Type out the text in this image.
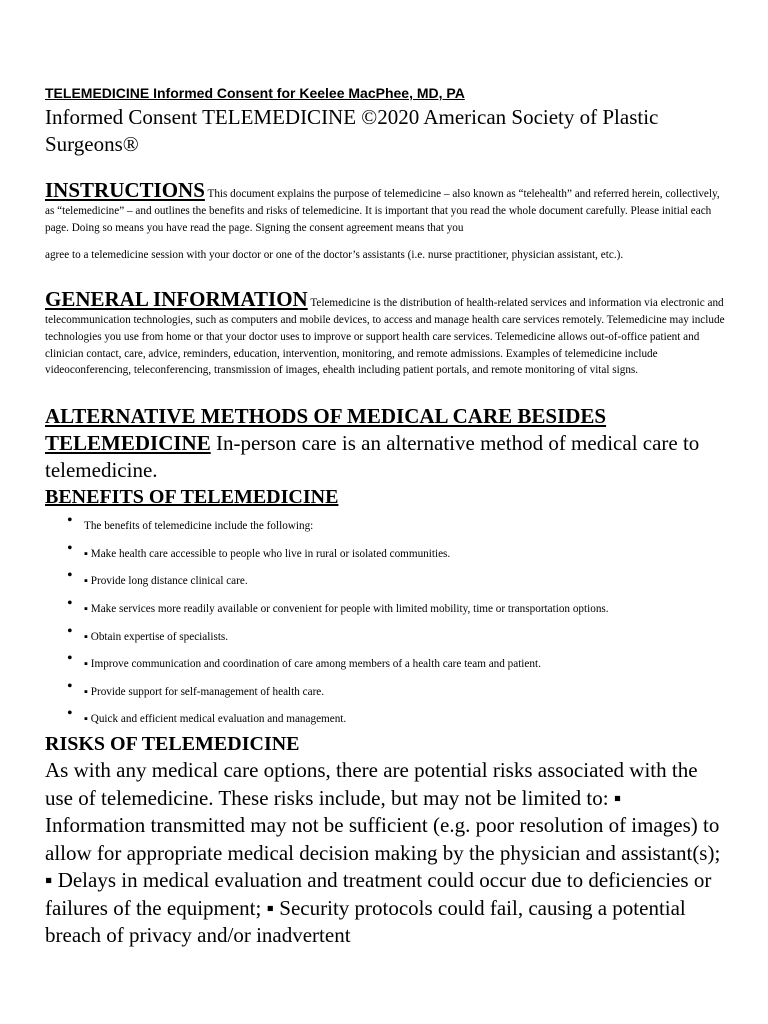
TELEMEDICINE Informed Consent for Keelee MacPhee, MD, PA

Informed Consent TELEMEDICINE ©2020 American Society of Plastic Surgeons®

INSTRUCTIONS This document explains the purpose of telemedicine – also known as “telehealth” and referred herein, collectively, as “telemedicine” – and outlines the benefits and risks of telemedicine. It is important that you read the whole document carefully. Please initial each page. Doing so means you have read the page. Signing the consent agreement means that you

agree to a telemedicine session with your doctor or one of the doctor’s assistants (i.e. nurse practitioner, physician assistant, etc.).

GENERAL INFORMATION Telemedicine is the distribution of health-related services and information via electronic and telecommunication technologies, such as computers and mobile devices, to access and manage health care services remotely. Telemedicine may include technologies you use from home or that your doctor uses to improve or support health care services. Telemedicine allows out-of-office patient and clinician contact, care, advice, reminders, education, intervention, monitoring, and remote admissions. Examples of telemedicine include videoconferencing, teleconferencing, transmission of images, ehealth including patient portals, and remote monitoring of vital signs.

ALTERNATIVE METHODS OF MEDICAL CARE BESIDES TELEMEDICINE In-person care is an alternative method of medical care to telemedicine.

BENEFITS OF TELEMEDICINE

• The benefits of telemedicine include the following:
• ▪ Make health care accessible to people who live in rural or isolated communities.
• ▪ Provide long distance clinical care.
• ▪ Make services more readily available or convenient for people with limited mobility, time or transportation options.
• ▪ Obtain expertise of specialists.
• ▪ Improve communication and coordination of care among members of a health care team and patient.
• ▪ Provide support for self-management of health care.
• ▪ Quick and efficient medical evaluation and management.

RISKS OF TELEMEDICINE

As with any medical care options, there are potential risks associated with the use of telemedicine. These risks include, but may not be limited to: ▪ Information transmitted may not be sufficient (e.g. poor resolution of images) to allow for appropriate medical decision making by the physician and assistant(s); ▪ Delays in medical evaluation and treatment could occur due to deficiencies or failures of the equipment; ▪ Security protocols could fail, causing a potential breach of privacy and/or inadvertent
